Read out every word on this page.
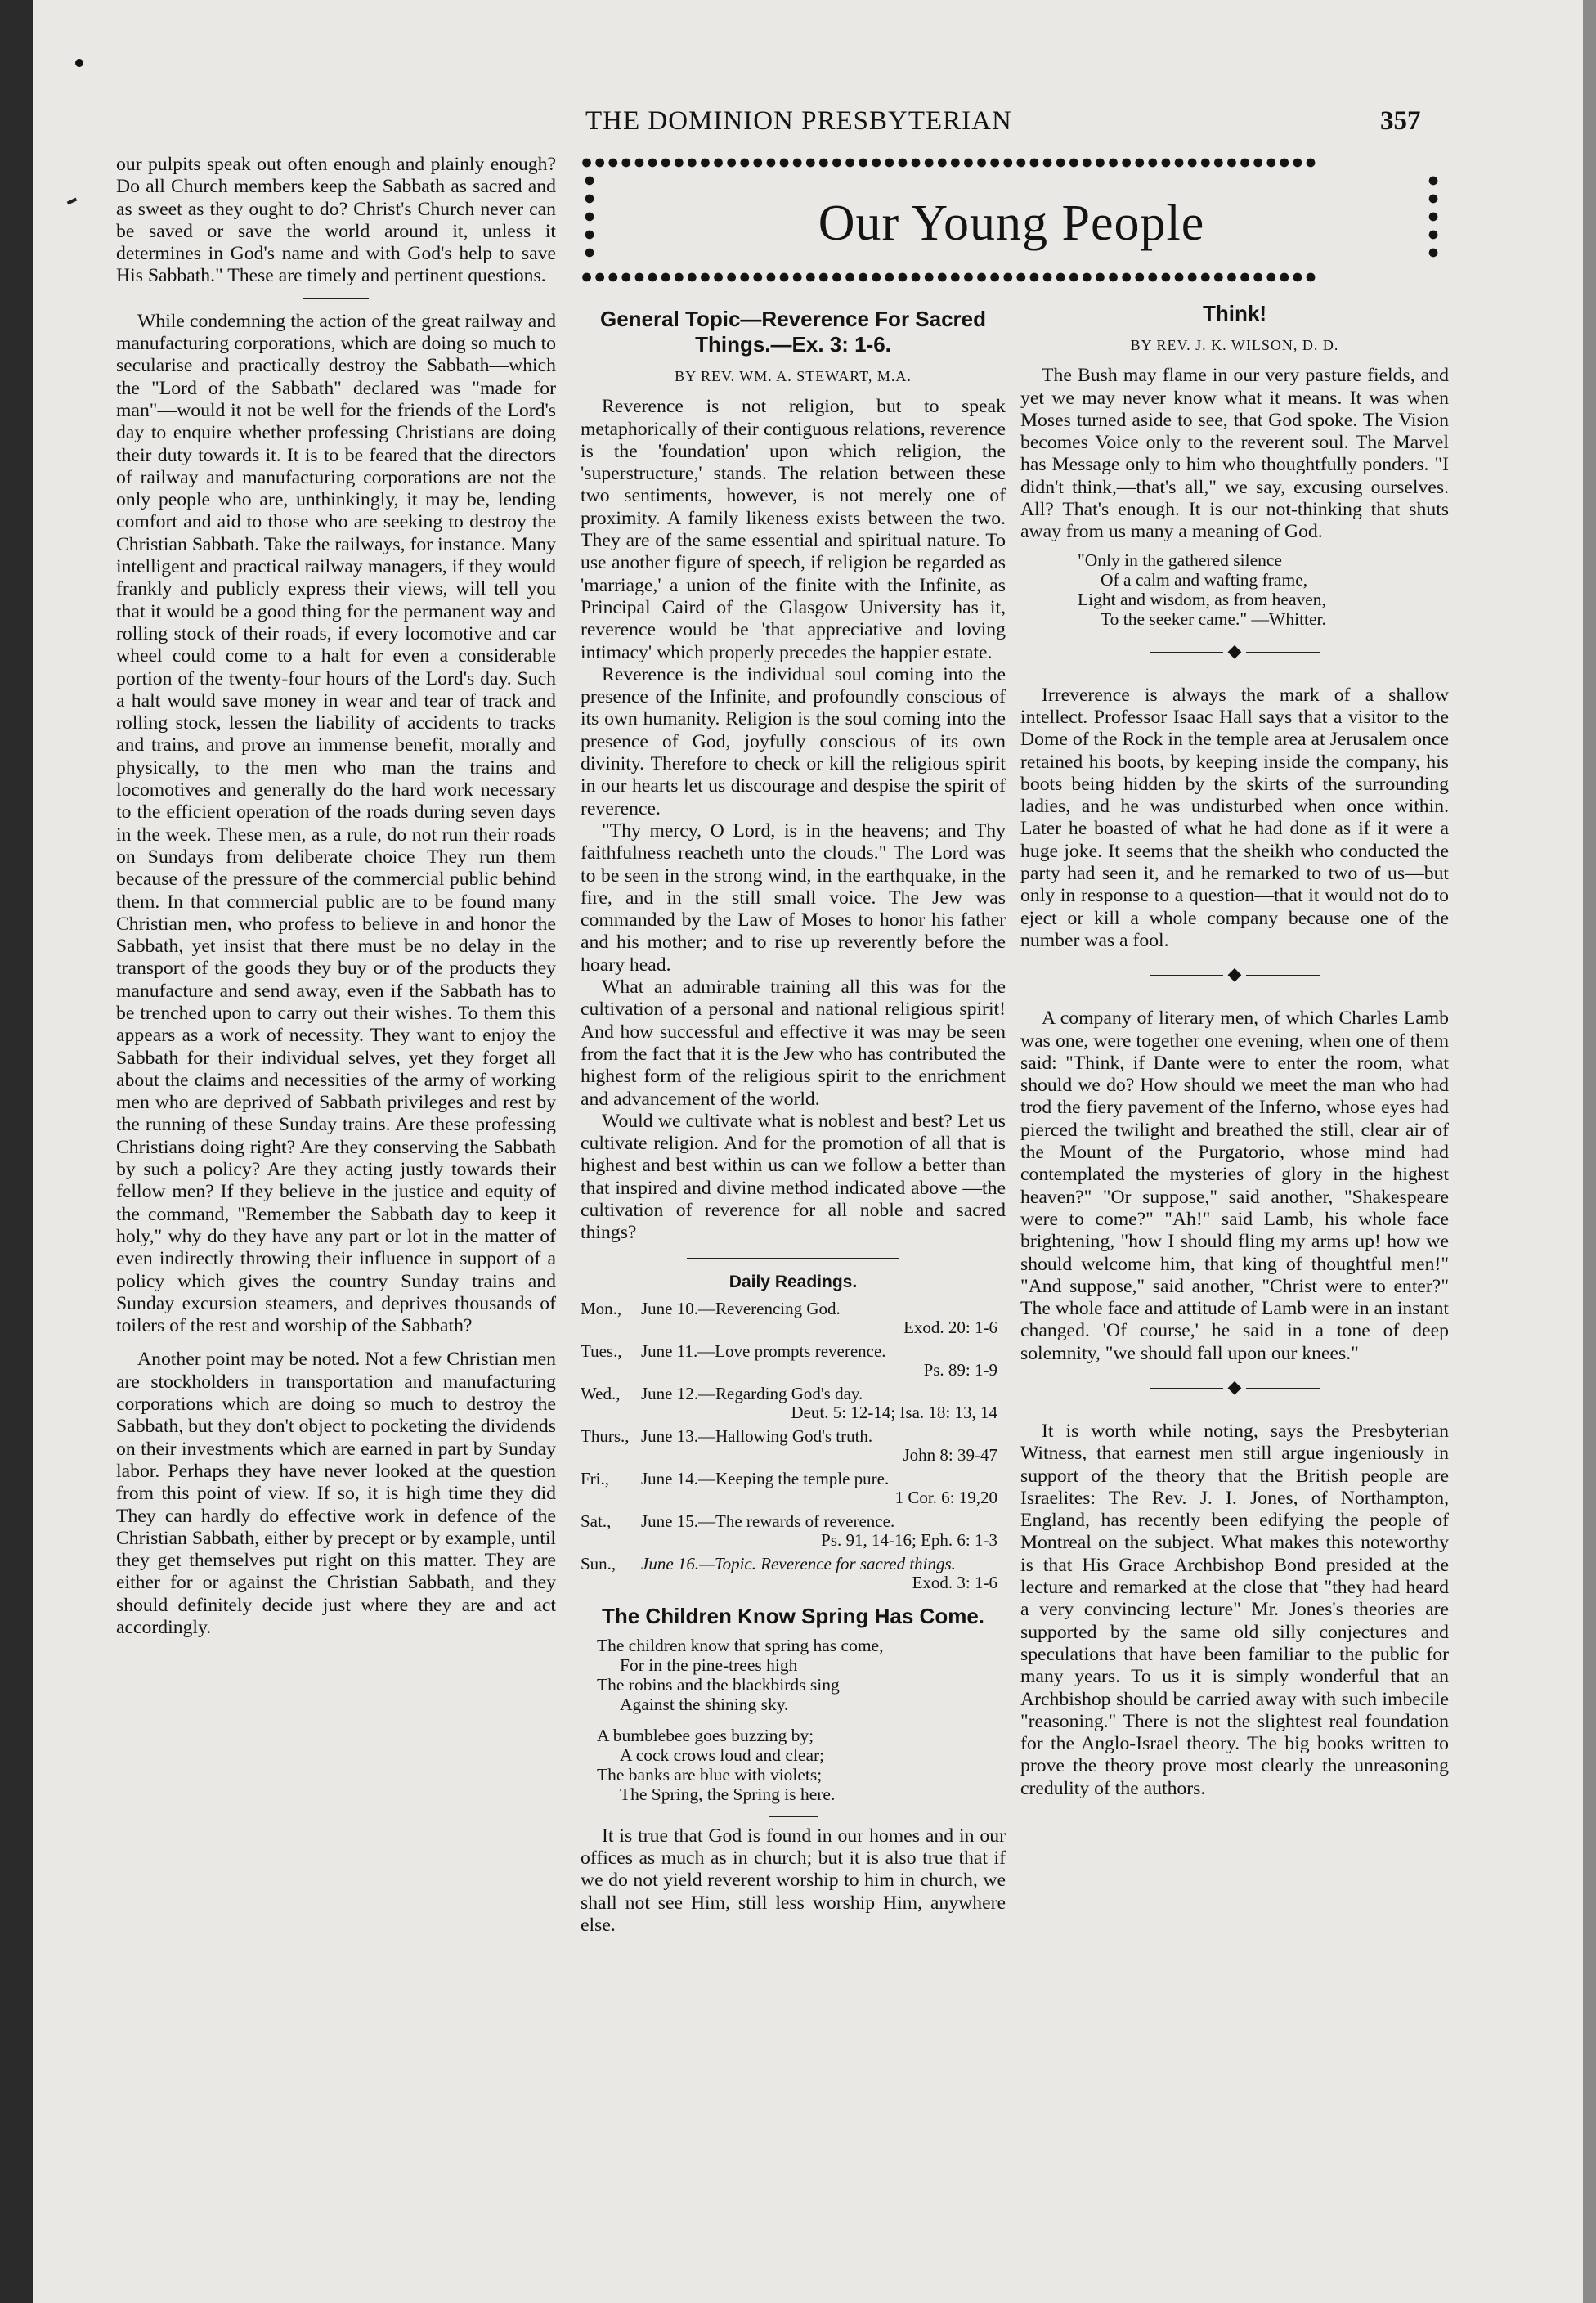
THE DOMINION PRESBYTERIAN	357
●●●●●●●●●●●●●●●●●●●●●●●●●●●●●●●●●●●●●●●●●●●●●●●●●●●●●●●●
●●●●●●●●●●●●●●●●●●●●●●●●●●●●●●●●●●●●●●●●●●●●●●●●●●●●●●●●
●
●
●
●
●
●
●
●
●
●
Our Young People

our pulpits speak out often enough and plainly enough? Do all Church members keep the Sabbath as sacred and as sweet as they ought to do? Christ's Church never can be saved or save the world around it, unless it determines in God's name and with God's help to save His Sabbath." These are timely and pertinent questions.

While condemning the action of the great railway and manufacturing corporations, which are doing so much to secularise and practically destroy the Sabbath—which the "Lord of the Sabbath" declared was "made for man"—would it not be well for the friends of the Lord's day to enquire whether professing Christians are doing their duty towards it. It is to be feared that the directors of railway and manufacturing corporations are not the only people who are, unthinkingly, it may be, lending comfort and aid to those who are seeking to destroy the Christian Sabbath. Take the railways, for instance. Many intelligent and practical railway managers, if they would frankly and publicly express their views, will tell you that it would be a good thing for the permanent way and rolling stock of their roads, if every locomotive and car wheel could come to a halt for even a considerable portion of the twenty-four hours of the Lord's day. Such a halt would save money in wear and tear of track and rolling stock, lessen the liability of accidents to tracks and trains, and prove an immense benefit, morally and physically, to the men who man the trains and locomotives and generally do the hard work necessary to the efficient operation of the roads during seven days in the week. These men, as a rule, do not run their roads on Sundays from deliberate choice They run them because of the pressure of the commercial public behind them. In that commercial public are to be found many Christian men, who profess to believe in and honor the Sabbath, yet insist that there must be no delay in the transport of the goods they buy or of the products they manufacture and send away, even if the Sabbath has to be trenched upon to carry out their wishes. To them this appears as a work of necessity. They want to enjoy the Sabbath for their individual selves, yet they forget all about the claims and necessities of the army of working men who are deprived of Sabbath privileges and rest by the running of these Sunday trains. Are these professing Christians doing right? Are they conserving the Sabbath by such a policy? Are they acting justly towards their fellow men? If they believe in the justice and equity of the command, "Remember the Sabbath day to keep it holy," why do they have any part or lot in the matter of even indirectly throwing their influence in support of a policy which gives the country Sunday trains and Sunday excursion steamers, and deprives thousands of toilers of the rest and worship of the Sabbath?

Another point may be noted. Not a few Christian men are stockholders in transportation and manufacturing corporations which are doing so much to destroy the Sabbath, but they don't object to pocketing the dividends on their investments which are earned in part by Sunday labor. Perhaps they have never looked at the question from this point of view. If so, it is high time they did They can hardly do effective work in defence of the Christian Sabbath, either by precept or by example, until they get themselves put right on this matter. They are either for or against the Christian Sabbath, and they should definitely decide just where they are and act accordingly.

General Topic—Reverence For Sacred Things.—Ex. 3: 1-6.
BY REV. WM. A. STEWART, M.A.

Reverence is not religion, but to speak metaphorically of their contiguous relations, reverence is the 'foundation' upon which religion, the 'superstructure,' stands. The relation between these two sentiments, however, is not merely one of proximity. A family likeness exists between the two. They are of the same essential and spiritual nature. To use another figure of speech, if religion be regarded as 'marriage,' a union of the finite with the Infinite, as Principal Caird of the Glasgow University has it, reverence would be 'that appreciative and loving intimacy' which properly precedes the happier estate.

Reverence is the individual soul coming into the presence of the Infinite, and profoundly conscious of its own humanity. Religion is the soul coming into the presence of God, joyfully conscious of its own divinity. Therefore to check or kill the religious spirit in our hearts let us discourage and despise the spirit of reverence.

"Thy mercy, O Lord, is in the heavens; and Thy faithfulness reacheth unto the clouds." The Lord was to be seen in the strong wind, in the earthquake, in the fire, and in the still small voice. The Jew was commanded by the Law of Moses to honor his father and his mother; and to rise up reverently before the hoary head.

What an admirable training all this was for the cultivation of a personal and national religious spirit! And how successful and effective it was may be seen from the fact that it is the Jew who has contributed the highest form of the religious spirit to the enrichment and advancement of the world.

Would we cultivate what is noblest and best? Let us cultivate religion. And for the promotion of all that is highest and best within us can we follow a better than that inspired and divine method indicated above —the cultivation of reverence for all noble and sacred things?

Daily Readings.
Mon., June 10.—Reverencing God.
Exod. 20: 1-6
Tues., June 11.—Love prompts reverence.
Ps. 89: 1-9
Wed., June 12.—Regarding God's day.
Deut. 5: 12-14; Isa. 18: 13, 14
Thurs., June 13.—Hallowing God's truth.
John 8: 39-47
Fri., June 14.—Keeping the temple pure.
1 Cor. 6: 19,20
Sat., June 15.—The rewards of reverence.
Ps. 91, 14-16; Eph. 6: 1-3
Sun., June 16.—Topic. Reverence for sacred things.
Exod. 3: 1-6
The Children Know Spring Has Come.
The children know that spring has come,
For in the pine-trees high
The robins and the blackbirds sing
Against the shining sky.
A bumblebee goes buzzing by;
A cock crows loud and clear;
The banks are blue with violets;
The Spring, the Spring is here.

It is true that God is found in our homes and in our offices as much as in church; but it is also true that if we do not yield reverent worship to him in church, we shall not see Him, still less worship Him, anywhere else.

Think!
BY REV. J. K. WILSON, D. D.

The Bush may flame in our very pasture fields, and yet we may never know what it means. It was when Moses turned aside to see, that God spoke. The Vision becomes Voice only to the reverent soul. The Marvel has Message only to him who thoughtfully ponders. "I didn't think,—that's all," we say, excusing ourselves. All? That's enough. It is our not-thinking that shuts away from us many a meaning of God.

"Only in the gathered silence
Of a calm and wafting frame,
Light and wisdom, as from heaven,
To the seeker came." —Whitter.
◆

Irreverence is always the mark of a shallow intellect. Professor Isaac Hall says that a visitor to the Dome of the Rock in the temple area at Jerusalem once retained his boots, by keeping inside the company, his boots being hidden by the skirts of the surrounding ladies, and he was undisturbed when once within. Later he boasted of what he had done as if it were a huge joke. It seems that the sheikh who conducted the party had seen it, and he remarked to two of us—but only in response to a question—that it would not do to eject or kill a whole company because one of the number was a fool.

◆

A company of literary men, of which Charles Lamb was one, were together one evening, when one of them said: "Think, if Dante were to enter the room, what should we do? How should we meet the man who had trod the fiery pavement of the Inferno, whose eyes had pierced the twilight and breathed the still, clear air of the Mount of the Purgatorio, whose mind had contemplated the mysteries of glory in the highest heaven?" "Or suppose," said another, "Shakespeare were to come?" "Ah!" said Lamb, his whole face brightening, "how I should fling my arms up! how we should welcome him, that king of thoughtful men!" "And suppose," said another, "Christ were to enter?" The whole face and attitude of Lamb were in an instant changed. 'Of course,' he said in a tone of deep solemnity, "we should fall upon our knees."

◆

It is worth while noting, says the Presbyterian Witness, that earnest men still argue ingeniously in support of the theory that the British people are Israelites: The Rev. J. I. Jones, of Northampton, England, has recently been edifying the people of Montreal on the subject. What makes this noteworthy is that His Grace Archbishop Bond presided at the lecture and remarked at the close that "they had heard a very convincing lecture" Mr. Jones's theories are supported by the same old silly conjectures and speculations that have been familiar to the public for many years. To us it is simply wonderful that an Archbishop should be carried away with such imbecile "reasoning." There is not the slightest real foundation for the Anglo-Israel theory. The big books written to prove the theory prove most clearly the unreasoning credulity of the authors.
